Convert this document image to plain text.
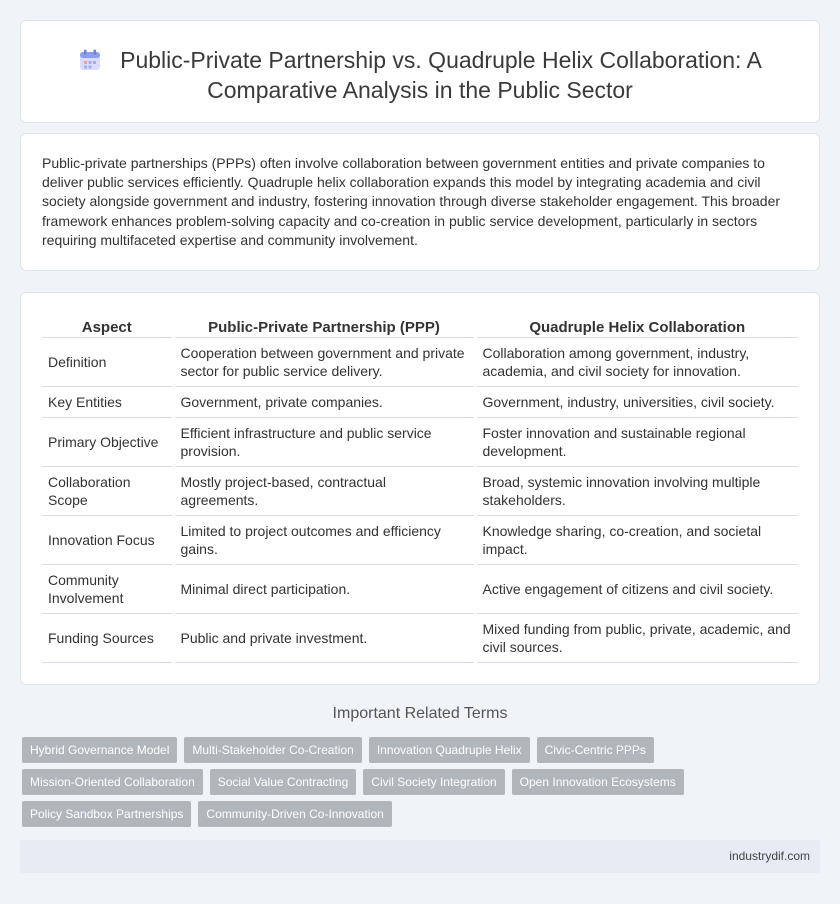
Public-Private Partnership vs. Quadruple Helix Collaboration: A Comparative Analysis in the Public Sector

Public-private partnerships (PPPs) often involve collaboration between government entities and private companies to deliver public services efficiently. Quadruple helix collaboration expands this model by integrating academia and civil society alongside government and industry, fostering innovation through diverse stakeholder engagement. This broader framework enhances problem-solving capacity and co-creation in public service development, particularly in sectors requiring multifaceted expertise and community involvement.

Aspect	Public-Private Partnership (PPP)	Quadruple Helix Collaboration
Definition	Cooperation between government and private sector for public service delivery.	Collaboration among government, industry, academia, and civil society for innovation.
Key Entities	Government, private companies.	Government, industry, universities, civil society.
Primary Objective	Efficient infrastructure and public service provision.	Foster innovation and sustainable regional development.
Collaboration Scope	Mostly project-based, contractual agreements.	Broad, systemic innovation involving multiple stakeholders.
Innovation Focus	Limited to project outcomes and efficiency gains.	Knowledge sharing, co-creation, and societal impact.
Community Involvement	Minimal direct participation.	Active engagement of citizens and civil society.
Funding Sources	Public and private investment.	Mixed funding from public, private, academic, and civil sources.
Important Related Terms
Hybrid Governance Model	Multi-Stakeholder Co-Creation	Innovation Quadruple Helix	Civic-Centric PPPs
Mission-Oriented Collaboration	Social Value Contracting	Civil Society Integration	Open Innovation Ecosystems
Policy Sandbox Partnerships	Community-Driven Co-Innovation
industrydif.com
